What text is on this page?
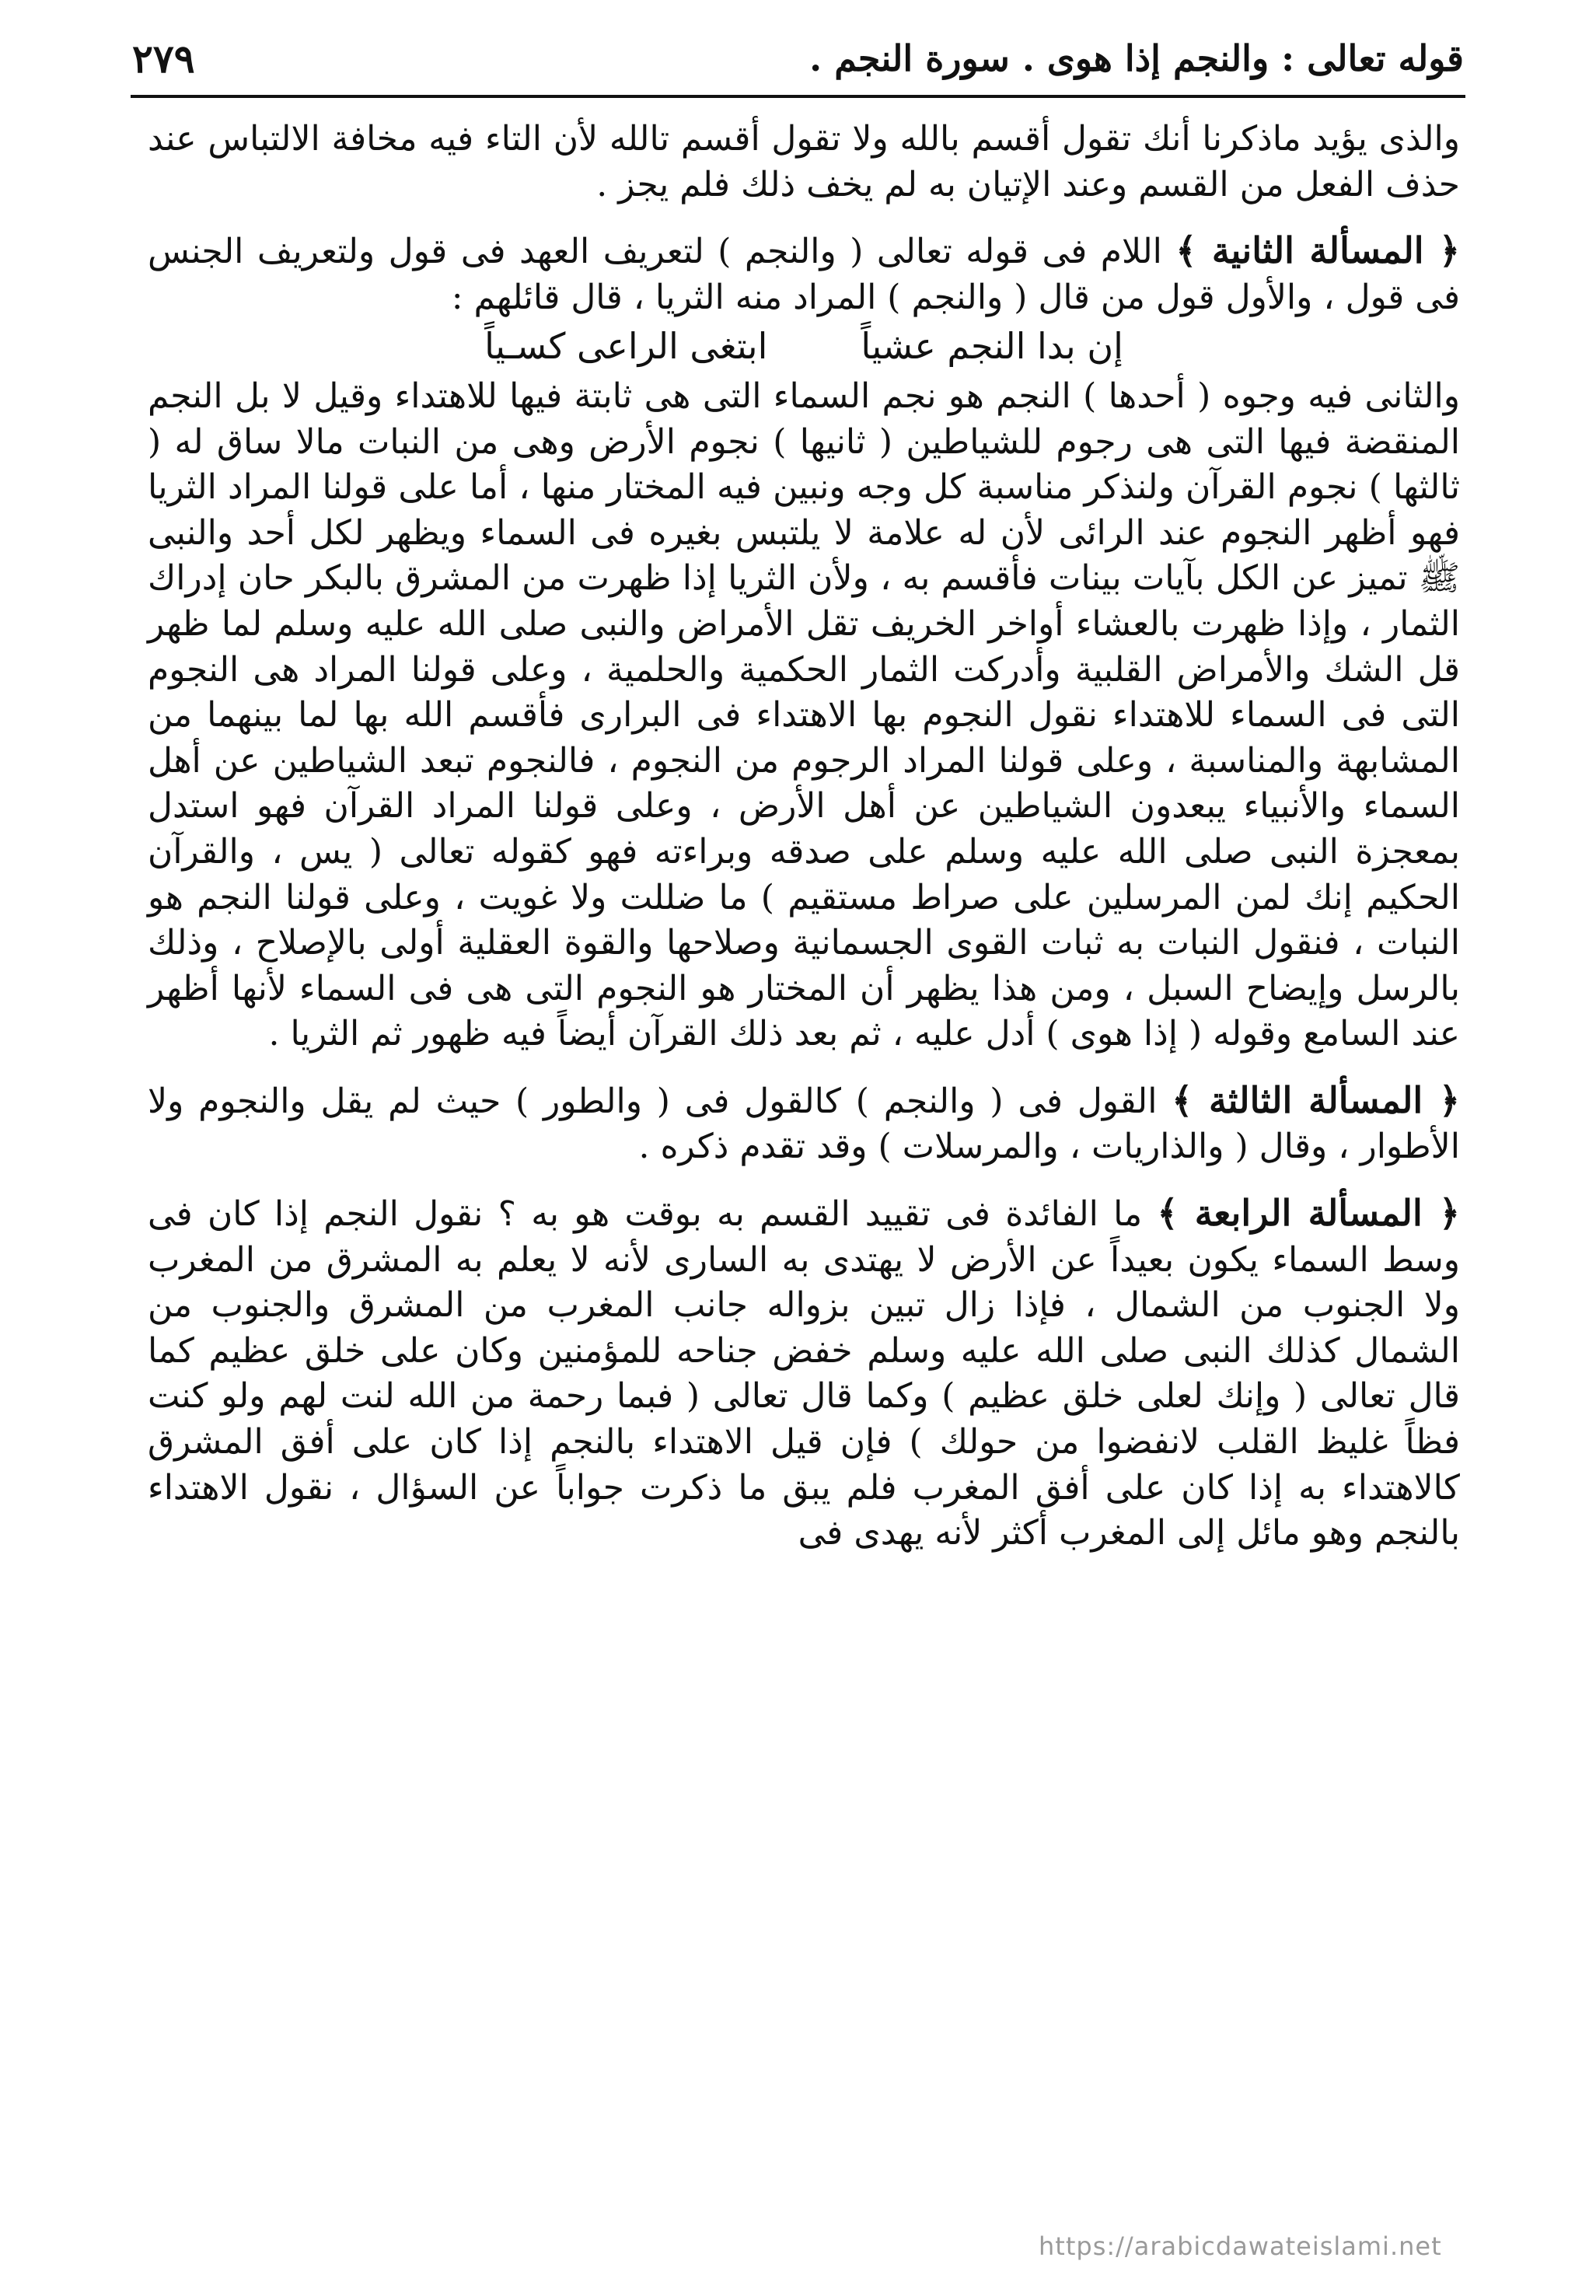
قوله تعالى : والنجم إذا هوى . سورة النجم .
٢٧٩

والذى يؤيد ماذكرنا أنك تقول أقسم بالله ولا تقول أقسم تالله لأن التاء فيه مخافة الالتباس عند حذف الفعل من القسم وعند الإتيان به لم يخف ذلك فلم يجز .

﴿ المسألة الثانية ﴾ اللام فى قوله تعالى ( والنجم ) لتعريف العهد فى قول ولتعريف الجنس فى قول ، والأول قول من قال ( والنجم ) المراد منه الثريا ، قال قائلهم :

إن بدا النجم عشياً
ابتغى الراعى كسـياً

والثانى فيه وجوه ( أحدها ) النجم هو نجم السماء التى هى ثابتة فيها للاهتداء وقيل لا بل النجم المنقضة فيها التى هى رجوم للشياطين ( ثانيها ) نجوم الأرض وهى من النبات مالا ساق له ( ثالثها ) نجوم القرآن ولنذكر مناسبة كل وجه ونبين فيه المختار منها ، أما على قولنا المراد الثريا فهو أظهر النجوم عند الرائى لأن له علامة لا يلتبس بغيره فى السماء ويظهر لكل أحد والنبى ﷺ تميز عن الكل بآيات بينات فأقسم به ، ولأن الثريا إذا ظهرت من المشرق بالبكر حان إدراك الثمار ، وإذا ظهرت بالعشاء أواخر الخريف تقل الأمراض والنبى صلى الله عليه وسلم لما ظهر قل الشك والأمراض القلبية وأدركت الثمار الحكمية والحلمية ، وعلى قولنا المراد هى النجوم التى فى السماء للاهتداء نقول النجوم بها الاهتداء فى البرارى فأقسم الله بها لما بينهما من المشابهة والمناسبة ، وعلى قولنا المراد الرجوم من النجوم ، فالنجوم تبعد الشياطين عن أهل السماء والأنبياء يبعدون الشياطين عن أهل الأرض ، وعلى قولنا المراد القرآن فهو استدل بمعجزة النبى صلى الله عليه وسلم على صدقه وبراءته فهو كقوله تعالى ( يس ، والقرآن الحكيم إنك لمن المرسلين على صراط مستقيم ) ما ضللت ولا غويت ، وعلى قولنا النجم هو النبات ، فنقول النبات به ثبات القوى الجسمانية وصلاحها والقوة العقلية أولى بالإصلاح ، وذلك بالرسل وإيضاح السبل ، ومن هذا يظهر أن المختار هو النجوم التى هى فى السماء لأنها أظهر عند السامع وقوله ( إذا هوى ) أدل عليه ، ثم بعد ذلك القرآن أيضاً فيه ظهور ثم الثريا .

﴿ المسألة الثالثة ﴾ القول فى ( والنجم ) كالقول فى ( والطور ) حيث لم يقل والنجوم ولا الأطوار ، وقال ( والذاريات ، والمرسلات ) وقد تقدم ذكره .

﴿ المسألة الرابعة ﴾ ما الفائدة فى تقييد القسم به بوقت هو به ؟ نقول النجم إذا كان فى وسط السماء يكون بعيداً عن الأرض لا يهتدى به السارى لأنه لا يعلم به المشرق من المغرب ولا الجنوب من الشمال ، فإذا زال تبين بزواله جانب المغرب من المشرق والجنوب من الشمال كذلك النبى صلى الله عليه وسلم خفض جناحه للمؤمنين وكان على خلق عظيم كما قال تعالى ( وإنك لعلى خلق عظيم ) وكما قال تعالى ( فبما رحمة من الله لنت لهم ولو كنت فظاً غليظ القلب لانفضوا من حولك ) فإن قيل الاهتداء بالنجم إذا كان على أفق المشرق كالاهتداء به إذا كان على أفق المغرب فلم يبق ما ذكرت جواباً عن السؤال ، نقول الاهتداء بالنجم وهو مائل إلى المغرب أكثر لأنه يهدى فى

https://arabicdawateislami.net
